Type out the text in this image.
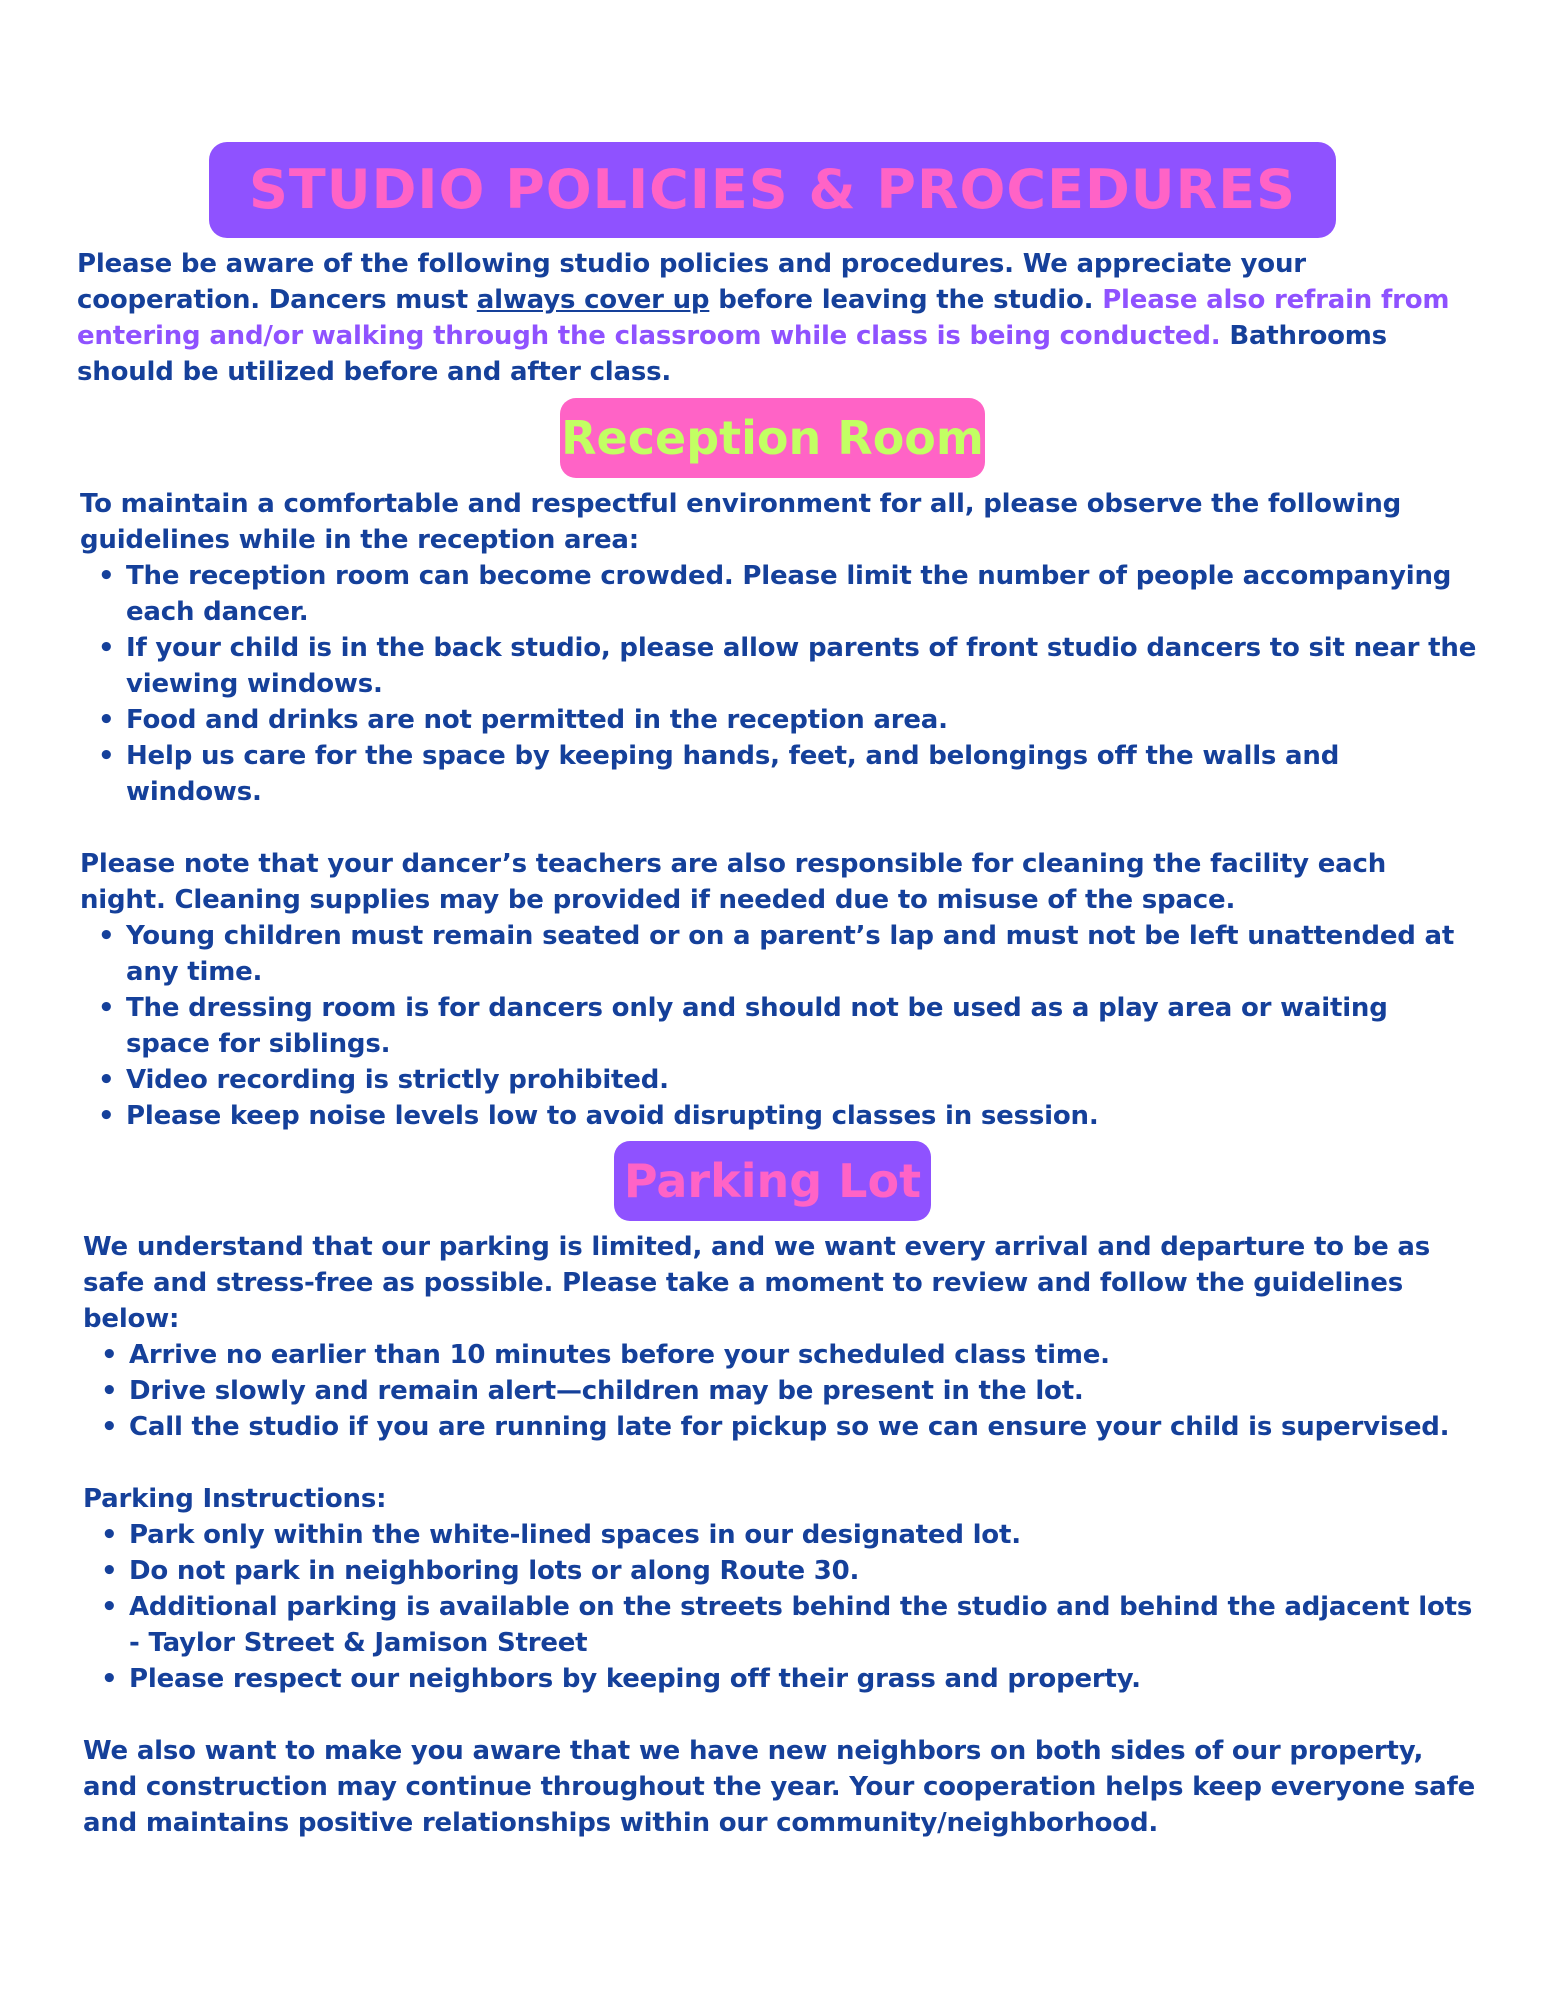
STUDIO POLICIES & PROCEDURES

Please be aware of the following studio policies and procedures. We appreciate your cooperation. Dancers must always cover up before leaving the studio. Please also refrain from entering and/or walking through the classroom while class is being conducted. Bathrooms should be utilized before and after class.

Reception Room

To maintain a comfortable and respectful environment for all, please observe the following guidelines while in the reception area:

• The reception room can become crowded. Please limit the number of people accompanying each dancer.
• If your child is in the back studio, please allow parents of front studio dancers to sit near the viewing windows.
• Food and drinks are not permitted in the reception area.
• Help us care for the space by keeping hands, feet, and belongings off the walls and windows.

Please note that your dancer’s teachers are also responsible for cleaning the facility each night. Cleaning supplies may be provided if needed due to misuse of the space.

• Young children must remain seated or on a parent’s lap and must not be left unattended at any time.
• The dressing room is for dancers only and should not be used as a play area or waiting space for siblings.
• Video recording is strictly prohibited.
• Please keep noise levels low to avoid disrupting classes in session.
Parking Lot

We understand that our parking is limited, and we want every arrival and departure to be as safe and stress-free as possible. Please take a moment to review and follow the guidelines below:

• Arrive no earlier than 10 minutes before your scheduled class time.
• Drive slowly and remain alert—children may be present in the lot.
• Call the studio if you are running late for pickup so we can ensure your child is supervised.

Parking Instructions:

• Park only within the white-lined spaces in our designated lot.
• Do not park in neighboring lots or along Route 30.
• Additional parking is available on the streets behind the studio and behind the adjacent lots - Taylor Street & Jamison Street
• Please respect our neighbors by keeping off their grass and property.

We also want to make you aware that we have new neighbors on both sides of our property, and construction may continue throughout the year. Your cooperation helps keep everyone safe and maintains positive relationships within our community/neighborhood.
